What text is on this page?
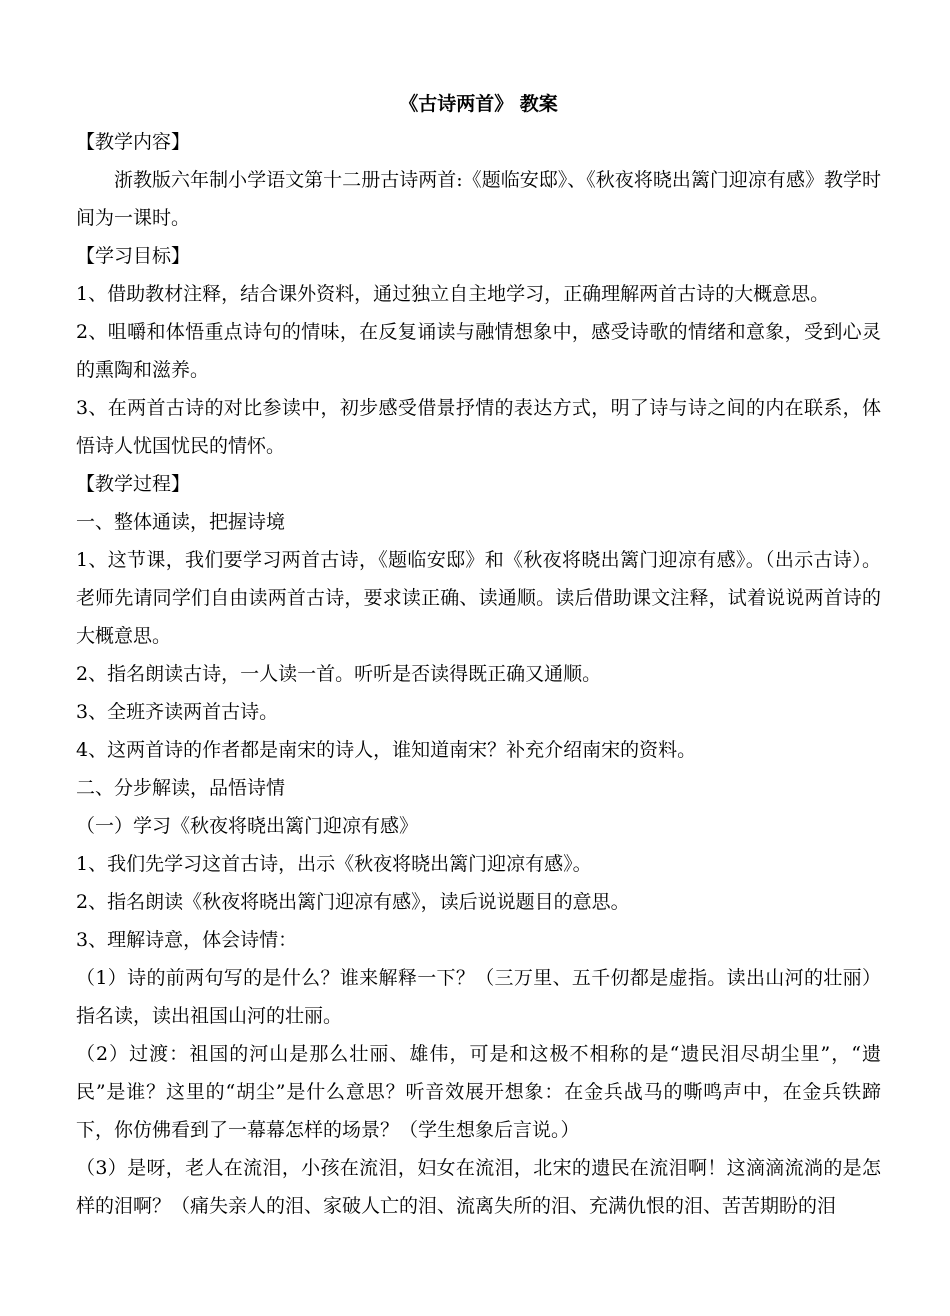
《古诗两首》 教案

【教学内容】

浙教版六年制小学语文第十二册古诗两首:《题临安邸》、《秋夜将晓出篱门迎凉有感》教学时间为一课时。

【学习目标】

1、借助教材注释，结合课外资料，通过独立自主地学习，正确理解两首古诗的大概意思。

2、咀嚼和体悟重点诗句的情味，在反复诵读与融情想象中，感受诗歌的情绪和意象，受到心灵的熏陶和滋养。

3、在两首古诗的对比参读中，初步感受借景抒情的表达方式，明了诗与诗之间的内在联系，体悟诗人忧国忧民的情怀。

【教学过程】

一、整体通读，把握诗境

1、这节课，我们要学习两首古诗，《题临安邸》和《秋夜将晓出篱门迎凉有感》。（出示古诗）。老师先请同学们自由读两首古诗，要求读正确、读通顺。读后借助课文注释，试着说说两首诗的大概意思。

2、指名朗读古诗，一人读一首。听听是否读得既正确又通顺。

3、全班齐读两首古诗。

4、这两首诗的作者都是南宋的诗人，谁知道南宋？补充介绍南宋的资料。

二、分步解读，品悟诗情

（一）学习《秋夜将晓出篱门迎凉有感》

1、我们先学习这首古诗，出示《秋夜将晓出篱门迎凉有感》。

2、指名朗读《秋夜将晓出篱门迎凉有感》，读后说说题目的意思。

3、理解诗意，体会诗情：

（1）诗的前两句写的是什么？谁来解释一下？（三万里、五千仞都是虚指。读出山河的壮丽）指名读，读出祖国山河的壮丽。

（2）过渡：祖国的河山是那么壮丽、雄伟，可是和这极不相称的是“遗民泪尽胡尘里”，“遗民”是谁？这里的“胡尘”是什么意思？听音效展开想象：在金兵战马的嘶鸣声中，在金兵铁蹄下，你仿佛看到了一幕幕怎样的场景？（学生想象后言说。）

（3）是呀，老人在流泪，小孩在流泪，妇女在流泪，北宋的遗民在流泪啊！这滴滴流淌的是怎样的泪啊？（痛失亲人的泪、家破人亡的泪、流离失所的泪、充满仇恨的泪、苦苦期盼的泪
